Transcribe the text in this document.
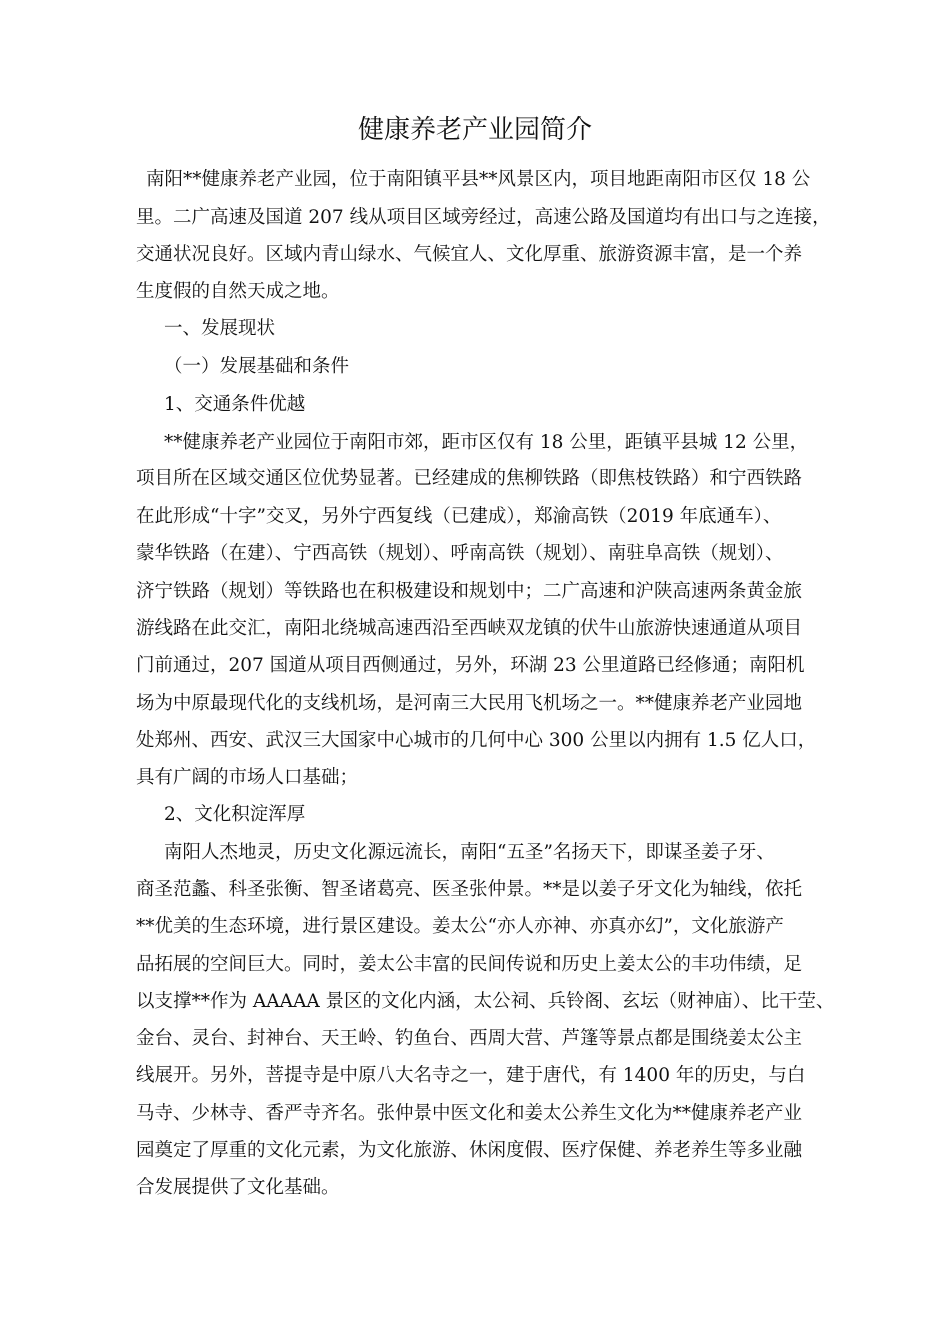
健康养老产业园简介
南阳**健康养老产业园，位于南阳镇平县**风景区内，项目地距南阳市区仅 18 公
里。二广高速及国道 207 线从项目区域旁经过，高速公路及国道均有出口与之连接，
交通状况良好。区域内青山绿水、气候宜人、文化厚重、旅游资源丰富，是一个养
生度假的自然天成之地。
一、发展现状
（一）发展基础和条件
1、交通条件优越
**健康养老产业园位于南阳市郊，距市区仅有 18 公里，距镇平县城 12 公里，
项目所在区域交通区位优势显著。已经建成的焦柳铁路（即焦枝铁路）和宁西铁路
在此形成“十字”交叉，另外宁西复线（已建成），郑渝高铁（2019 年底通车）、
蒙华铁路（在建）、宁西高铁（规划）、呼南高铁（规划）、南驻阜高铁（规划）、
济宁铁路（规划）等铁路也在积极建设和规划中；二广高速和沪陕高速两条黄金旅
游线路在此交汇，南阳北绕城高速西沿至西峡双龙镇的伏牛山旅游快速通道从项目
门前通过，207 国道从项目西侧通过，另外，环湖 23 公里道路已经修通；南阳机
场为中原最现代化的支线机场，是河南三大民用飞机场之一。**健康养老产业园地
处郑州、西安、武汉三大国家中心城市的几何中心 300 公里以内拥有 1.5 亿人口，
具有广阔的市场人口基础；
2、文化积淀浑厚
南阳人杰地灵，历史文化源远流长，南阳“五圣”名扬天下，即谋圣姜子牙、
商圣范蠡、科圣张衡、智圣诸葛亮、医圣张仲景。**是以姜子牙文化为轴线，依托
**优美的生态环境，进行景区建设。姜太公“亦人亦神、亦真亦幻”，文化旅游产
品拓展的空间巨大。同时，姜太公丰富的民间传说和历史上姜太公的丰功伟绩，足
以支撑**作为 AAAAA 景区的文化内涵，太公祠、兵铃阁、玄坛（财神庙）、比干茔、
金台、灵台、封神台、天王岭、钓鱼台、西周大营、芦篷等景点都是围绕姜太公主
线展开。另外，菩提寺是中原八大名寺之一，建于唐代，有 1400 年的历史，与白
马寺、少林寺、香严寺齐名。张仲景中医文化和姜太公养生文化为**健康养老产业
园奠定了厚重的文化元素，为文化旅游、休闲度假、医疗保健、养老养生等多业融
合发展提供了文化基础。
